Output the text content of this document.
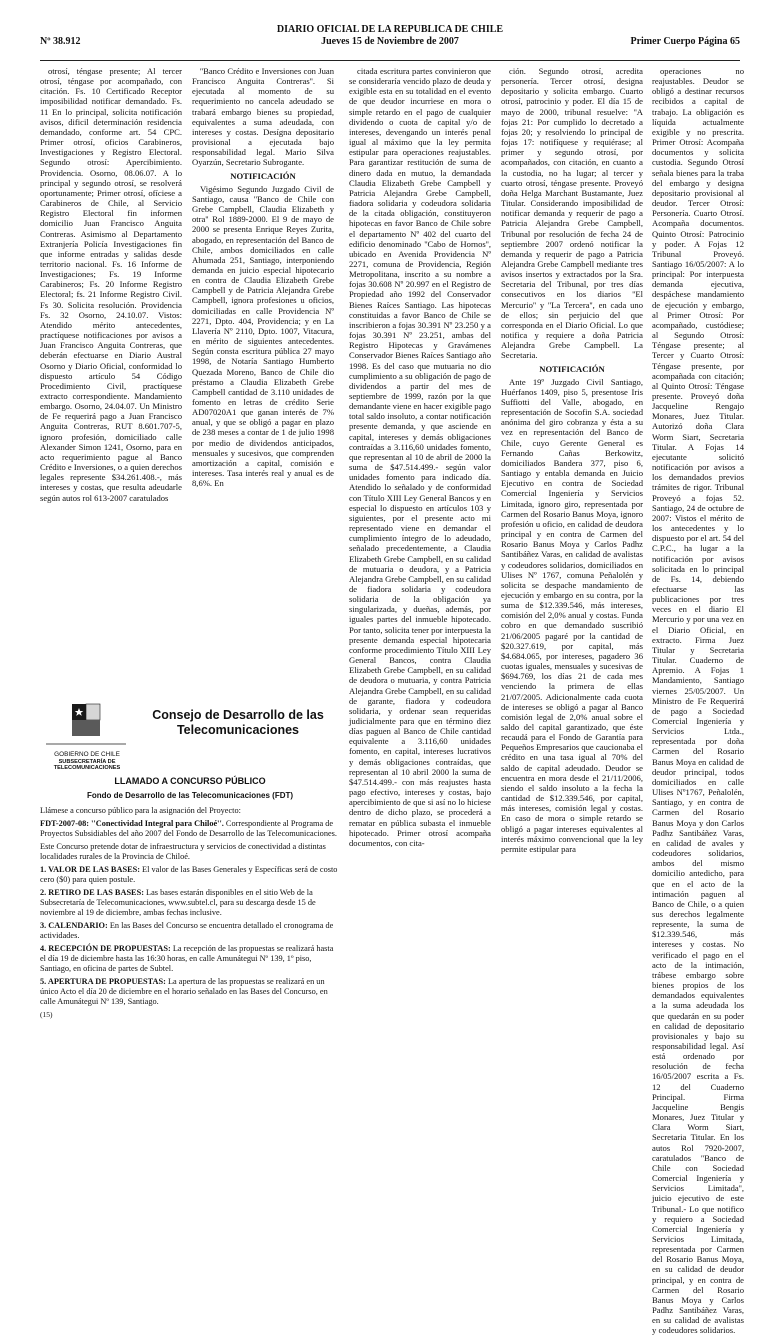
DIARIO OFICIAL DE LA REPUBLICA DE CHILE
Jueves 15 de Noviembre de 2007
Nº 38.912	Primer Cuerpo Página 65

otrosí, téngase presente; Al tercer otrosí, téngase por acompañado, con citación. Fs. 10 Certificado Receptor imposibilidad notificar demandado. Fs. 11 En lo principal, solicita notificación avisos, dificil determinación residencia demandado, conforme art. 54 CPC. Primer otrosí, oficios Carabineros, Investigaciones y Registro Electoral. Segundo otrosí: Apercibimiento. Providencia. Osorno, 08.06.07. A lo principal y segundo otrosí, se resolverá oportunamente; Primer otrosí, ofíciese a Carabineros de Chile, al Servicio Registro Electoral fin informen domicilio Juan Francisco Anguita Contreras. Asimismo al Departamento Extranjería Policía Investigaciones fin que informe entradas y salidas desde territorio nacional. Fs. 16 Informe de Investigaciones; Fs. 19 Informe Carabineros; Fs. 20 Informe Registro Electoral; fs. 21 Informe Registro Civil. Fs 30. Solicita resolución. Providencia Fs. 32 Osorno, 24.10.07. Vistos: Atendido mérito antecedentes, practíquese notificaciones por avisos a Juan Francisco Anguita Contreras, que deberán efectuarse en Diario Austral Osorno y Diario Oficial, conformidad lo dispuesto artículo 54 Código Procedimiento Civil, practíquese extracto correspondiente. Mandamiento embargo. Osorno, 24.04.07. Un Ministro de Fe requerirá pago a Juan Francisco Anguita Contreras, RUT 8.601.707-5, ignoro profesión, domiciliado calle Alexander Simon 1241, Osorno, para en acto requerimiento pague al Banco Crédito e Inversiones, o a quien derechos legales represente $34.261.408.-, más intereses y costas, que resulta adeudarle según autos rol 613-2007 caratulados

''Banco Crédito e Inversiones con Juan Francisco Anguita Contreras''. Si ejecutada al momento de su requerimiento no cancela adeudado se trabará embargo bienes su propiedad, equivalentes a suma adeudada, con intereses y costas. Desígna depositario provisional a ejecutada bajo responsabilidad legal. Mario Silva Oyarzún, Secretario Subrogante.

NOTIFICACIÓN

Vigésimo Segundo Juzgado Civil de Santiago, causa ''Banco de Chile con Grebe Campbell, Claudia Elizabeth y otra'' Rol 1889-2000. El 9 de mayo de 2000 se presenta Enrique Reyes Zurita, abogado, en representación del Banco de Chile, ambos domiciliados en calle Ahumada 251, Santiago, interponiendo demanda en juicio especial hipotecario en contra de Claudia Elizabeth Grebe Campbell y de Patricia Alejandra Grebe Campbell, ignora profesiones u oficios, domiciliadas en calle Providencia Nº 2271, Dpto. 404, Providencia; y en La Llavería Nº 2110, Dpto. 1007, Vitacura, en mérito de siguientes antecedentes. Según consta escritura pública 27 mayo 1998, de Notaría Santiago Humberto Quezada Moreno, Banco de Chile dio préstamo a Claudia Elizabeth Grebe Campbell cantidad de 3.110 unidades de fomento en letras de crédito Serie AD07020A1 que ganan interés de 7% anual, y que se obligó a pagar en plazo de 238 meses a contar de 1 de julio 1998 por medio de dividendos anticipados, mensuales y sucesivos, que comprenden amortización a capital, comisión e intereses. Tasa interés real y anual es de 8,6%. En

GOBIERNO DE CHILE
SUBSECRETARÍA DE TELECOMUNICACIONES
Consejo de Desarrollo de las Telecomunicaciones
LLAMADO A CONCURSO PÚBLICO
Fondo de Desarrollo de las Telecomunicaciones (FDT)

Llámese a concurso público para la asignación del Proyecto:

FDT-2007-08: ''Conectividad Integral para Chiloé''. Correspondiente al Programa de Proyectos Subsidiables del año 2007 del Fondo de Desarrollo de las Telecomunicaciones.

Este Concurso pretende dotar de infraestructura y servicios de conectividad a distintas localidades rurales de la Provincia de Chiloé.

1. VALOR DE LAS BASES: El valor de las Bases Generales y Específicas será de costo cero ($0) para quien postule.

2. RETIRO DE LAS BASES: Las bases estarán disponibles en el sitio Web de la Subsecretaría de Telecomunicaciones, www.subtel.cl, para su descarga desde 15 de noviembre al 19 de diciembre, ambas fechas inclusive.

3. CALENDARIO: En las Bases del Concurso se encuentra detallado el cronograma de actividades.

4. RECEPCIÓN DE PROPUESTAS: La recepción de las propuestas se realizará hasta el día 19 de diciembre hasta las 16:30 horas, en calle Amunátegui Nº 139, 1º piso, Santiago, en oficina de partes de Subtel.

5. APERTURA DE PROPUESTAS: La apertura de las propuestas se realizará en un único Acto el día 20 de diciembre en el horario señalado en las Bases del Concurso, en calle Amunátegui Nº 139, Santiago.

(15)

citada escritura partes convinieron que se consideraría vencido plazo de deuda y exigible esta en su totalidad en el evento de que deudor incurriese en mora o simple retardo en el pago de cualquier dividendo o cuota de capital y/o de intereses, devengando un interés penal igual al máximo que la ley permita estipular para operaciones reajustables. Para garantizar restitución de suma de dinero dada en mutuo, la demandada Claudia Elizabeth Grebe Campbell y Patricia Alejandra Grebe Campbell, fiadora solidaria y codeudora solidaria de la citada obligación, constituyeron hipotecas en favor Banco de Chile sobre el departamento Nº 402 del cuarto del edificio denominado ''Cabo de Hornos'', ubicado en Avenida Providencia Nº 2271, comuna de Providencia, Región Metropolitana, inscrito a su nombre a fojas 30.608 Nº 20.997 en el Registro de Propiedad año 1992 del Conservador Bienes Raíces Santiago. Las hipotecas constituidas a favor Banco de Chile se inscribieron a fojas 30.391 Nº 23.250 y a fojas 30.391 Nº 23.251, ambas del Registro Hipotecas y Gravámenes Conservador Bienes Raíces Santiago año 1998. Es del caso que mutuaria no dio cumplimiento a su obligación de pago de dividendos a partir del mes de septiembre de 1999, razón por la que demandante viene en hacer exigible pago total saldo insoluto, a contar notificación presente demanda, y que asciende en capital, intereses y demás obligaciones contraídas a 3.116,60 unidades fomento, que representan al 10 de abril de 2000 la suma de $47.514.499.- según valor unidades fomento para indicado día. Atendido lo señalado y de conformidad con Título XIII Ley General Bancos y en especial lo dispuesto en artículos 103 y siguientes, por el presente acto mi representado viene en demandar el cumplimiento íntegro de lo adeudado, señalado precedentemente, a Claudia Elizabeth Grebe Campbell, en su calidad de mutuaria o deudora, y a Patricia Alejandra Grebe Campbell, en su calidad de fiadora solidaria y codeudora solidaria de la obligación ya singularizada, y dueñas, además, por iguales partes del inmueble hipotecado. Por tanto, solicita tener por interpuesta la presente demanda especial hipotecaria conforme procedimiento Título XIII Ley General Bancos, contra Claudia Elizabeth Grebe Campbell, en su calidad de deudora o mutuaria, y contra Patricia Alejandra Grebe Campbell, en su calidad de garante, fiadora y codeudora solidaria, y ordenar sean requeridas judicialmente para que en término diez días paguen al Banco de Chile cantidad equivalente a 3.116,60 unidades fomento, en capital, intereses lucrativos y demás obligaciones contraídas, que representan al 10 abril 2000 la suma de $47.514.499.- con más reajustes hasta pago efectivo, intereses y costas, bajo apercibimiento de que si así no lo hiciese dentro de dicho plazo, se procederá a rematar en pública subasta el inmueble hipotecado. Primer otrosí acompaña documentos, con cita-

ción. Segundo otrosí, acredita personería. Tercer otrosí, designa depositario y solicita embargo. Cuarto otrosí, patrocinio y poder. El día 15 de mayo de 2000, tribunal resuelve: ''A fojas 21: Por cumplido lo decretado a fojas 20; y resolviendo lo principal de fojas 17: notifíquese y requiérase; al primer y segundo otrosí, por acompañados, con citación, en cuanto a la custodia, no ha lugar; al tercer y cuarto otrosí, téngase presente. Proveyó doña Helga Marchant Bustamante, Juez Titular. Considerando imposibilidad de notificar demanda y requerir de pago a Patricia Alejandra Grebe Campbell, Tribunal por resolución de fecha 24 de septiembre 2007 ordenó notificar la demanda y requerir de pago a Patricia Alejandra Grebe Campbell mediante tres avisos insertos y extractados por la Sra. Secretaria del Tribunal, por tres días consecutivos en los diarios ''El Mercurio'' y ''La Tercera'', en cada uno de ellos; sin perjuicio del que corresponda en el Diario Oficial. Lo que notifica y requiere a doña Patricia Alejandra Grebe Campbell. La Secretaria.

NOTIFICACIÓN

Ante 19º Juzgado Civil Santiago, Huérfanos 1409, piso 5, presentose Iris Suffiotti del Valle, abogado, en representación de Socofin S.A. sociedad anónima del giro cobranza y ésta a su vez en representación del Banco de Chile, cuyo Gerente General es Fernando Cañas Berkowitz, domiciliados Bandera 377, piso 6, Santiago y entabla demanda en Juicio Ejecutivo en contra de Sociedad Comercial Ingeniería y Servicios Limitada, ignoro giro, representada por Carmen del Rosario Banus Moya, ignoro profesión u oficio, en calidad de deudora principal y en contra de Carmen del Rosario Banus Moya y Carlos Padhz Santibáñez Varas, en calidad de avalistas y codeudores solidarios, domiciliados en Ulises Nº 1767, comuna Peñalolén y solicita se despache mandamiento de ejecución y embargo en su contra, por la suma de $12.339.546, más intereses, comisión del 2,0% anual y costas. Funda cobro en que demandado suscribió 21/06/2005 pagaré por la cantidad de $20.327.619, por capital, más $4.684.065, por intereses, pagadero 36 cuotas iguales, mensuales y sucesivas de $694.769, los días 21 de cada mes venciendo la primera de ellas 21/07/2005. Adicionalmente cada cuota de intereses se obligó a pagar al Banco comisión legal de 2,0% anual sobre el saldo del capital garantizado, que éste recaudá para el Fondo de Garantía para Pequeños Empresarios que caucionaba el crédito en una tasa igual al 70% del saldo de capital adeudado. Deudor se encuentra en mora desde el 21/11/2006, siendo el saldo insoluto a la fecha la cantidad de $12.339.546, por capital, más intereses, comisión legal y costas. En caso de mora o simple retardo se obligó a pagar intereses equivalentes al interés máximo convencional que la ley permite estipular para

operaciones no reajustables. Deudor se obligó a destinar recursos recibidos a capital de trabajo. La obligación es líquida actualmente exigible y no prescrita. Primer Otrosí: Acompaña documentos y solicita custodia. Segundo Otrosí señala bienes para la traba del embargo y designa depositario provisional al deudor. Tercer Otrosí: Personería. Cuarto Otrosí. Acompaña documentos. Quinto Otrosí: Patrocinio y poder. A Fojas 12 Tribunal Proveyó. Santiago 16/05/2007: A lo principal: Por interpuesta demanda ejecutiva, despáchese mandamiento de ejecución y embargo, al Primer Otrosí: Por acompañado, custódiese; al Segundo Otrosí: Téngase presente; al Tercer y Cuarto Otrosí: Téngase presente, por acompañada con citación; al Quinto Otrosí: Téngase presente. Proveyó doña Jacqueline Rengajo Monares, Juez Titular. Autorizó doña Clara Worm Siart, Secretaria Titular. A Fojas 14 ejecutante solicitó notificación por avisos a los demandados previos trámites de rigor. Tribunal Proveyó a fojas 52. Santiago, 24 de octubre de 2007: Vistos el mérito de los antecedentes y lo dispuesto por el art. 54 del C.P.C., ha lugar a la notificación por avisos solicitada en lo principal de Fs. 14, debiendo efectuarse las publicaciones por tres veces en el diario El Mercurio y por una vez en el Diario Oficial, en extracto. Firma Juez Titular y Secretaria Titular. Cuaderno de Apremio. A Fojas 1 Mandamiento, Santiago viernes 25/05/2007. Un Ministro de Fe Requerirá de pago a Sociedad Comercial Ingeniería y Servicios Ltda., representada por doña Carmen del Rosario Banus Moya en calidad de deudor principal, todos domiciliados en calle Ulises Nº1767, Peñalolén, Santiago, y en contra de Carmen del Rosario Banus Moya y don Carlos Padhz Santibáñez Varas, en calidad de avales y codeudores solidarios, ambos del mismo domicilio antedicho, para que en el acto de la intimación paguen al Banco de Chile, o a quien sus derechos legalmente represente, la suma de $12.339.546, más intereses y costas. No verificado el pago en el acto de la intimación, trábese embargo sobre bienes propios de los demandados equivalentes a la suma adeudada los que quedarán en su poder en calidad de depositario provisionales y bajo su responsabilidad legal. Así está ordenado por resolución de fecha 16/05/2007 escrita a Fs. 12 del Cuaderno Principal. Firma Jacqueline Bengis Monares, Juez Titular y Clara Worm Siart, Secretaria Titular. En los autos Rol 7920-2007, caratulados ''Banco de Chile con Sociedad Comercial Ingeniería y Servicios Limitada'', juicio ejecutivo de este Tribunal.- Lo que notifico y requiero a Sociedad Comercial Ingeniería y Servicios Limitada, representada por Carmen del Rosario Banus Moya, en su calidad de deudor principal, y en contra de Carmen del Rosario Banus Moya y Carlos Padhz Santibáñez Varas, en su calidad de avalistas y codeudores solidarios.
